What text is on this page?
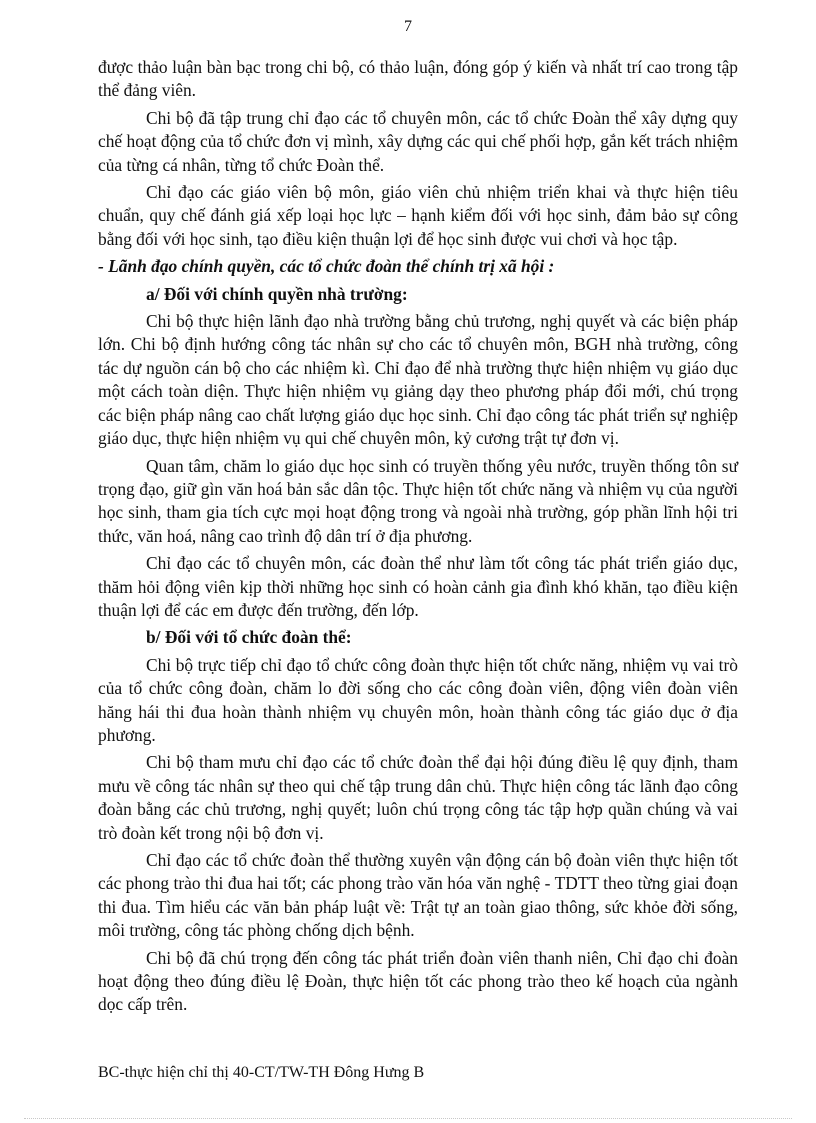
7

được thảo luận bàn bạc trong chi bộ, có thảo luận, đóng góp ý kiến và nhất trí cao trong tập thể đảng viên.

Chi bộ đã tập trung chỉ đạo các tổ chuyên môn, các tổ chức Đoàn thể xây dựng quy chế hoạt động của tổ chức đơn vị mình, xây dựng các qui chế phối hợp, gắn kết trách nhiệm của từng cá nhân, từng tổ chức Đoàn thể.

Chỉ đạo các giáo viên bộ môn, giáo viên chủ nhiệm triển khai và thực hiện tiêu chuẩn, quy chế đánh giá xếp loại học lực – hạnh kiểm đối với học sinh, đảm bảo sự công bằng đối với học sinh, tạo điều kiện thuận lợi để học sinh được vui chơi và học tập.

- Lãnh đạo chính quyền, các tổ chức đoàn thể chính trị xã hội :
a/ Đối với chính quyền nhà trường:

Chi bộ thực hiện lãnh đạo nhà trường bằng chủ trương, nghị quyết và các biện pháp lớn. Chi bộ định hướng công tác nhân sự cho các tổ chuyên môn, BGH nhà trường, công tác dự nguồn cán bộ cho các nhiệm kì. Chỉ đạo để nhà trường thực hiện nhiệm vụ giáo dục một cách toàn diện. Thực hiện nhiệm vụ giảng dạy theo phương pháp đổi mới, chú trọng các biện pháp nâng cao chất lượng giáo dục học sinh. Chỉ đạo công tác phát triển sự nghiệp giáo dục, thực hiện nhiệm vụ qui chế chuyên môn, kỷ cương trật tự đơn vị.

Quan tâm, chăm lo giáo dục học sinh có truyền thống yêu nước, truyền thống tôn sư trọng đạo, giữ gìn văn hoá bản sắc dân tộc. Thực hiện tốt chức năng và nhiệm vụ của người học sinh, tham gia tích cực mọi hoạt động trong và ngoài nhà trường, góp phần lĩnh hội tri thức, văn hoá, nâng cao trình độ dân trí ở địa phương.

Chỉ đạo các tổ chuyên môn, các đoàn thể như làm tốt công tác phát triển giáo dục, thăm hỏi động viên kịp thời những học sinh có hoàn cảnh gia đình khó khăn, tạo điều kiện thuận lợi để các em được đến trường, đến lớp.

b/ Đối với tổ chức đoàn thể:

Chi bộ trực tiếp chỉ đạo tổ chức công đoàn thực hiện tốt chức năng, nhiệm vụ vai trò của tổ chức công đoàn, chăm lo đời sống cho các công đoàn viên, động viên đoàn viên hăng hái thi đua hoàn thành nhiệm vụ chuyên môn, hoàn thành công tác giáo dục ở địa phương.

Chi bộ tham mưu chỉ đạo các tổ chức đoàn thể đại hội đúng điều lệ quy định, tham mưu về công tác nhân sự theo qui chế tập trung dân chủ. Thực hiện công tác lãnh đạo công đoàn bằng các chủ trương, nghị quyết; luôn chú trọng công tác tập hợp quần chúng và vai trò đoàn kết trong nội bộ đơn vị.

Chỉ đạo các tổ chức đoàn thể thường xuyên vận động cán bộ đoàn viên thực hiện tốt các phong trào thi đua hai tốt; các phong trào văn hóa văn nghệ - TDTT theo từng giai đoạn thi đua. Tìm hiểu các văn bản pháp luật về: Trật tự an toàn giao thông, sức khỏe đời sống, môi trường, công tác phòng chống dịch bệnh.

Chi bộ đã chú trọng đến công tác phát triển đoàn viên thanh niên, Chỉ đạo chi đoàn hoạt động theo đúng điều lệ Đoàn, thực hiện tốt các phong trào theo kế hoạch của ngành dọc cấp trên.

BC-thực hiện chỉ thị 40-CT/TW-TH Đông Hưng B
